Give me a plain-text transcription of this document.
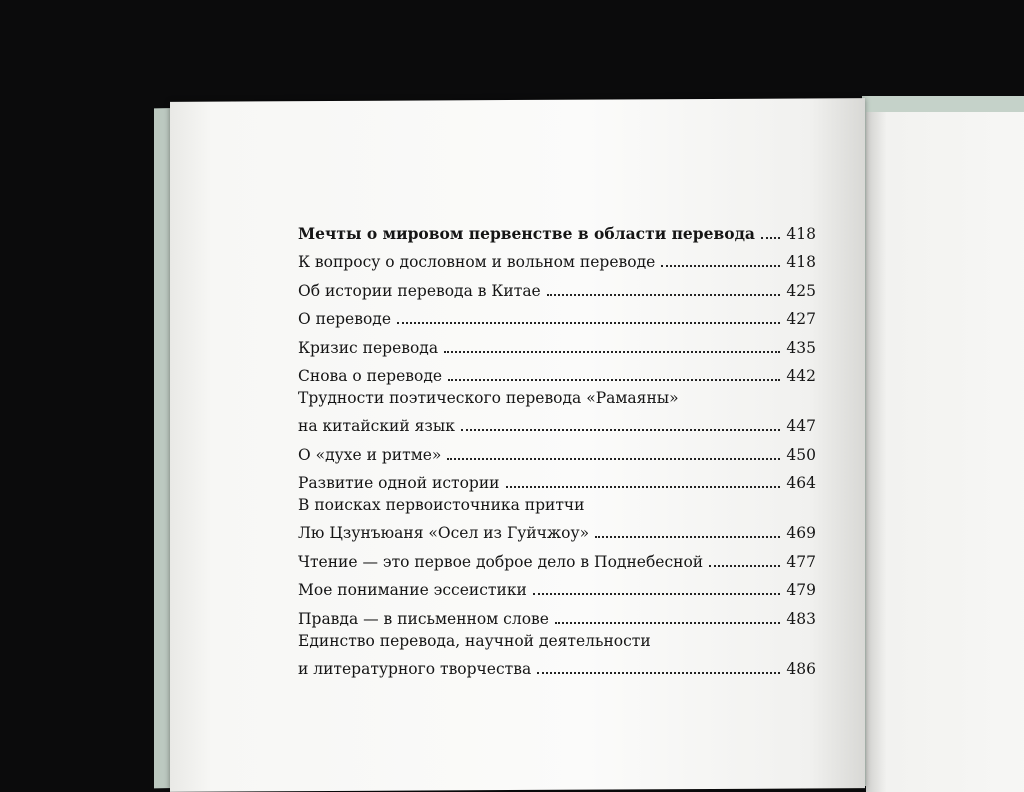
Мечты о мировом первенстве в области перевода 418
К вопросу о дословном и вольном переводе	418
Об истории перевода в Китае	425
О переводе	427
Кризис перевода	435
Снова о переводе	442
Трудности поэтического перевода «Рамаяны»
на китайский язык	447
О «духе и ритме»	450
Развитие одной истории	464
В поисках первоисточника притчи
Лю Цзунъюаня «Осел из Гуйчжоу»	469
Чтение — это первое доброе дело в Поднебесной	477
Мое понимание эссеистики	479
Правда — в письменном слове	483
Единство перевода, научной деятельности
и литературного творчества	486
